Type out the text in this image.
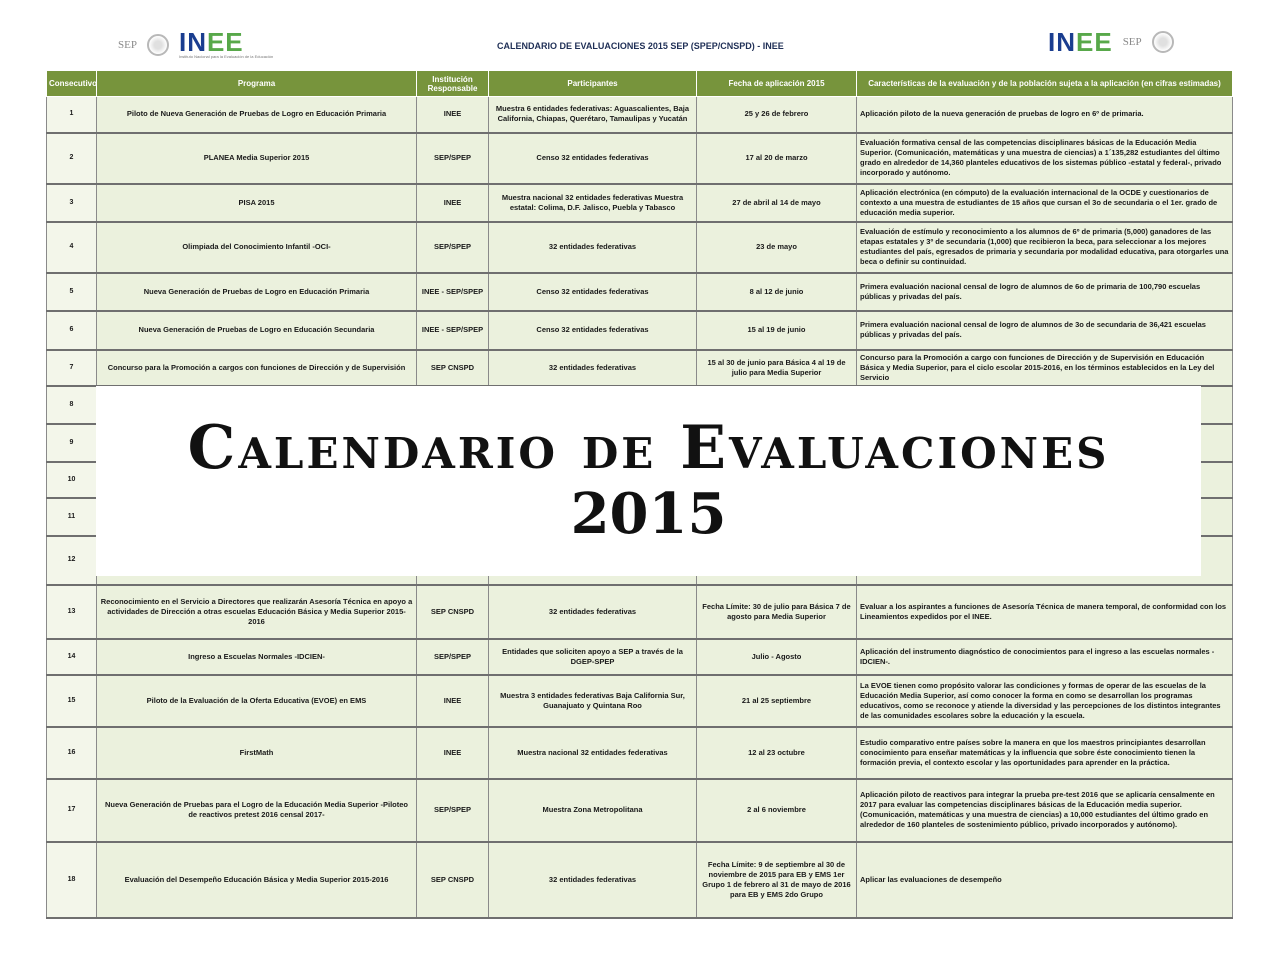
SEP INEE
Instituto Nacional para la Evaluación de la Educación
CALENDARIO DE EVALUACIONES 2015 SEP (SPEP/CNSPD) - INEE	INEE SEP
Consecutivo	Programa	Institución Responsable	Participantes	Fecha de aplicación 2015	Características de la evaluación y de la población sujeta a la aplicación (en cifras estimadas)
1	Piloto de Nueva Generación de Pruebas de Logro en Educación Primaria	INEE	Muestra 6 entidades federativas: Aguascalientes, Baja California, Chiapas, Querétaro, Tamaulipas y Yucatán	25 y 26 de febrero	Aplicación piloto de la nueva generación de pruebas de logro en 6º de primaria.
2	PLANEA Media Superior 2015	SEP/SPEP	Censo 32 entidades federativas	17 al 20 de marzo	Evaluación formativa censal de las competencias disciplinares básicas de la Educación Media Superior. (Comunicación, matemáticas y una muestra de ciencias) a 1´135,282 estudiantes del último grado en alrededor de 14,360 planteles educativos de los sistemas público -estatal y federal-, privado incorporado y autónomo.
3	PISA 2015	INEE	Muestra nacional 32 entidades federativas Muestra estatal: Colima, D.F. Jalisco, Puebla y Tabasco	27 de abril al 14 de mayo	Aplicación electrónica (en cómputo) de la evaluación internacional de la OCDE y cuestionarios de contexto a una muestra de estudiantes de 15 años que cursan el 3o de secundaria o el 1er. grado de educación media superior.
4	Olimpiada del Conocimiento Infantil -OCI-	SEP/SPEP	32 entidades federativas	23 de mayo	Evaluación de estímulo y reconocimiento a los alumnos de 6º de primaria (5,000) ganadores de las etapas estatales y 3º de secundaria (1,000) que recibieron la beca, para seleccionar a los mejores estudiantes del país, egresados de primaria y secundaria por modalidad educativa, para otorgarles una beca o definir su continuidad.
5	Nueva Generación de Pruebas de Logro en Educación Primaria	INEE - SEP/SPEP	Censo 32 entidades federativas	8 al 12 de junio	Primera evaluación nacional censal de logro de alumnos de 6o de primaria de 100,790 escuelas públicas y privadas del país.
6	Nueva Generación de Pruebas de Logro en Educación Secundaria	INEE - SEP/SPEP	Censo 32 entidades federativas	15 al 19 de junio	Primera evaluación nacional censal de logro de alumnos de 3o de secundaria de 36,421 escuelas públicas y privadas del país.
7	Concurso para la Promoción a cargos con funciones de Dirección y de Supervisión	SEP CNSPD	32 entidades federativas	15 al 30 de junio para Básica 4 al 19 de julio para Media Superior	Concurso para la Promoción a cargo con funciones de Dirección y de Supervisión en Educación Básica y Media Superior, para el ciclo escolar 2015-2016, en los términos establecidos en la Ley del Servicio
8					
9					
10					
11					
12					
13	Reconocimiento en el Servicio a Directores que realizarán Asesoría Técnica en apoyo a actividades de Dirección a otras escuelas Educación Básica y Media Superior 2015-2016	SEP CNSPD	32 entidades federativas	Fecha Límite: 30 de julio para Básica 7 de agosto para Media Superior	Evaluar a los aspirantes a funciones de Asesoría Técnica de manera temporal, de conformidad con los Lineamientos expedidos por el INEE.
14	Ingreso a Escuelas Normales -IDCIEN-	SEP/SPEP	Entidades que soliciten apoyo a SEP a través de la DGEP-SPEP	Julio - Agosto	Aplicación del instrumento diagnóstico de conocimientos para el ingreso a las escuelas normales -IDCIEN-.
15	Piloto de la Evaluación de la Oferta Educativa (EVOE) en EMS	INEE	Muestra 3 entidades federativas Baja California Sur, Guanajuato y Quintana Roo	21 al 25 septiembre	La EVOE tienen como propósito valorar las condiciones y formas de operar de las escuelas de la Educación Media Superior, así como conocer la forma en como se desarrollan los programas educativos, como se reconoce y atiende la diversidad y las percepciones de los distintos integrantes de las comunidades escolares sobre la educación y la escuela.
16	FirstMath	INEE	Muestra nacional 32 entidades federativas	12 al 23 octubre	Estudio comparativo entre países sobre la manera en que los maestros principiantes desarrollan conocimiento para enseñar matemáticas y la influencia que sobre éste conocimiento tienen la formación previa, el contexto escolar y las oportunidades para aprender en la práctica.
17	Nueva Generación de Pruebas para el Logro de la Educación Media Superior -Piloteo de reactivos pretest 2016 censal 2017-	SEP/SPEP	Muestra Zona Metropolitana	2 al 6 noviembre	Aplicación piloto de reactivos para integrar la prueba pre-test 2016 que se aplicaría censalmente en 2017 para evaluar las competencias disciplinares básicas de la Educación media superior. (Comunicación, matemáticas y una muestra de ciencias) a 10,000 estudiantes del último grado en alrededor de 160 planteles de sostenimiento público, privado incorporados y autónomo).
18	Evaluación del Desempeño Educación Básica y Media Superior 2015-2016	SEP CNSPD	32 entidades federativas	Fecha Límite: 9 de septiembre al 30 de noviembre de 2015 para EB y EMS 1er Grupo 1 de febrero al 31 de mayo de 2016 para EB y EMS 2do Grupo	Aplicar las evaluaciones de desempeño
Calendario de Evaluaciones
2015
